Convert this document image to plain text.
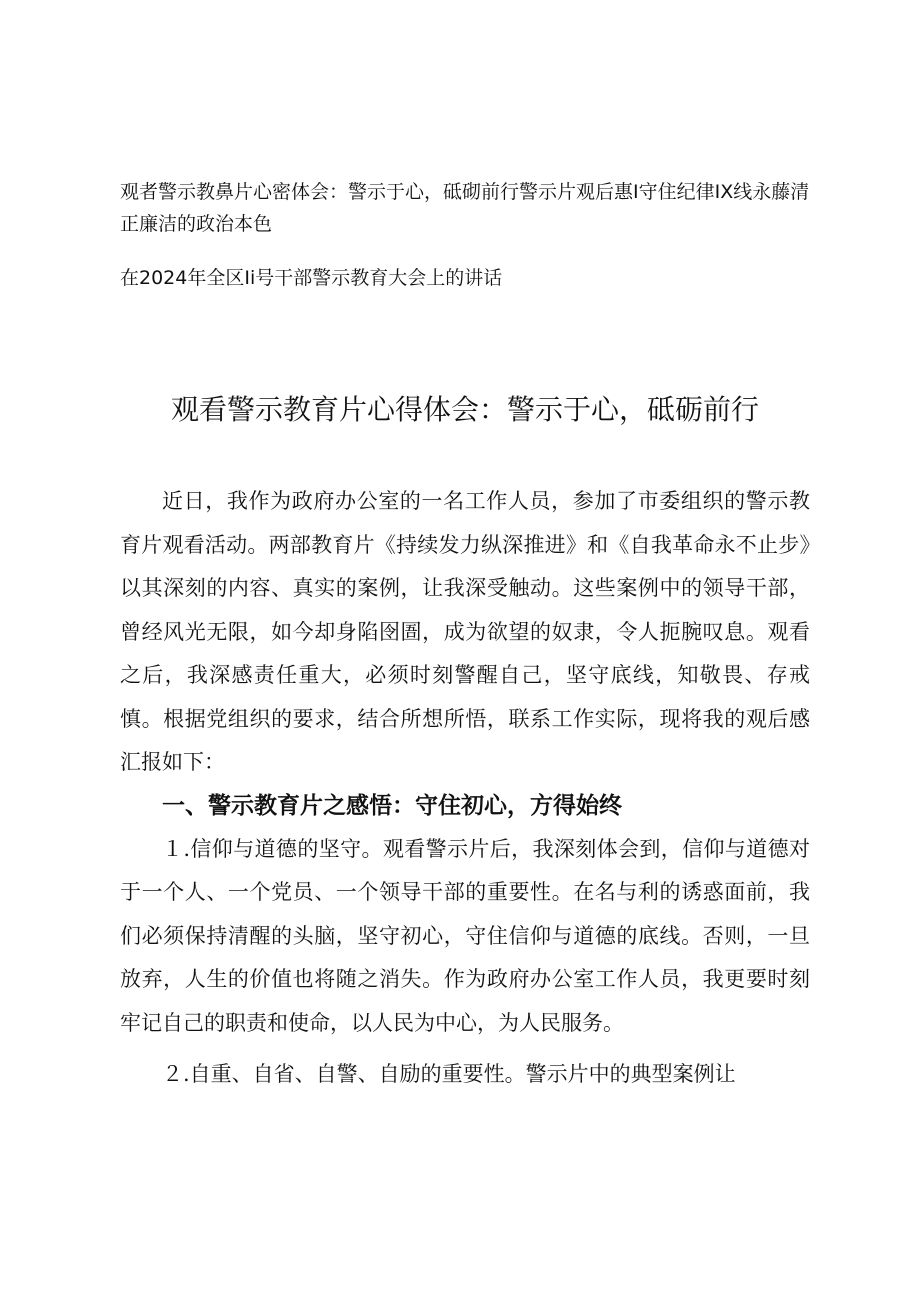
观者警示教鼻片心密体会：警示于心，砥砌前行警示片观后惠I守住纪律IX线永藤清正廉洁的政治本色

在2024年全区Ii号干部警示教育大会上的讲话

观看警示教育片心得体会：警示于心，砥砺前行

近日，我作为政府办公室的一名工作人员，参加了市委组织的警示教育片观看活动。两部教育片《持续发力纵深推进》和《自我革命永不止步》以其深刻的内容、真实的案例，让我深受触动。这些案例中的领导干部，曾经风光无限，如今却身陷囹圄，成为欲望的奴隶，令人扼腕叹息。观看之后，我深感责任重大，必须时刻警醒自己，坚守底线，知敬畏、存戒慎。根据党组织的要求，结合所想所悟，联系工作实际，现将我的观后感汇报如下：

一、警示教育片之感悟：守住初心，方得始终

１.信仰与道德的坚守。观看警示片后，我深刻体会到，信仰与道德对于一个人、一个党员、一个领导干部的重要性。在名与利的诱惑面前，我们必须保持清醒的头脑，坚守初心，守住信仰与道德的底线。否则，一旦放弃，人生的价值也将随之消失。作为政府办公室工作人员，我更要时刻牢记自己的职责和使命，以人民为中心，为人民服务。

２.自重、自省、自警、自励的重要性。警示片中的典型案例让
